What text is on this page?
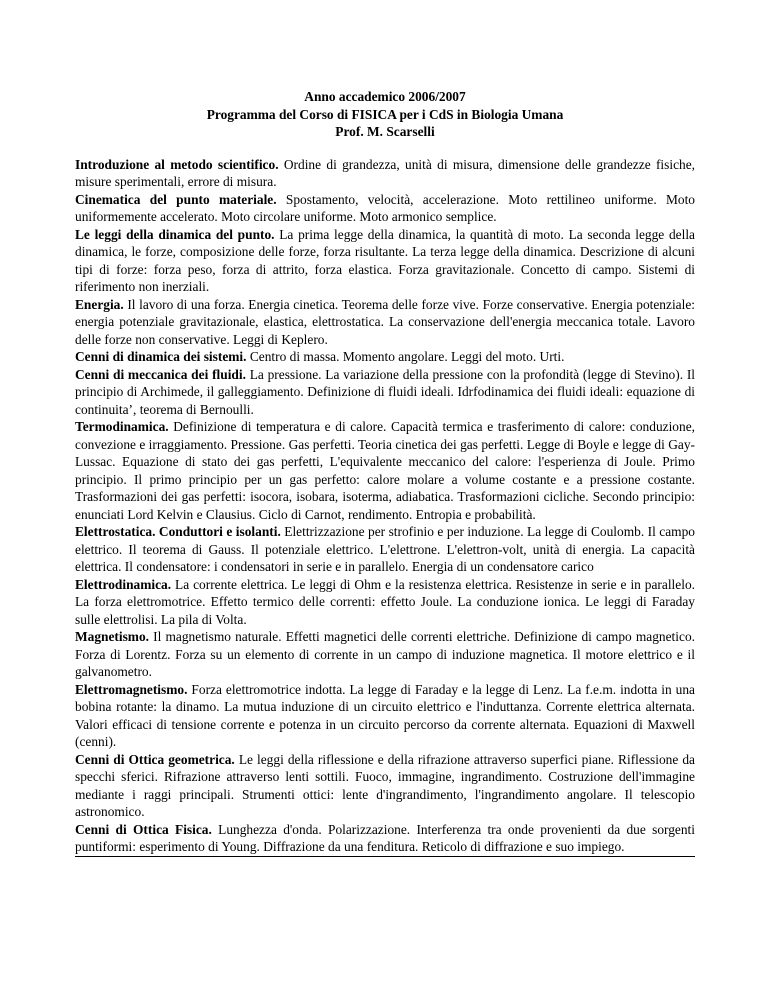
Anno accademico 2006/2007
Programma del Corso di FISICA per i CdS in Biologia Umana
Prof. M. Scarselli

Introduzione al metodo scientifico. Ordine di grandezza, unità di misura, dimensione delle grandezze fisiche, misure sperimentali, errore di misura.

Cinematica del punto materiale. Spostamento, velocità, accelerazione. Moto rettilineo uniforme. Moto uniformemente accelerato. Moto circolare uniforme. Moto armonico semplice.

Le leggi della dinamica del punto. La prima legge della dinamica, la quantità di moto. La seconda legge della dinamica, le forze, composizione delle forze, forza risultante. La terza legge della dinamica. Descrizione di alcuni tipi di forze: forza peso, forza di attrito, forza elastica. Forza gravitazionale. Concetto di campo. Sistemi di riferimento non inerziali.

Energia. Il lavoro di una forza. Energia cinetica. Teorema delle forze vive. Forze conservative. Energia potenziale: energia potenziale gravitazionale, elastica, elettrostatica. La conservazione dell'energia meccanica totale. Lavoro delle forze non conservative. Leggi di Keplero.

Cenni di dinamica dei sistemi. Centro di massa. Momento angolare. Leggi del moto. Urti.

Cenni di meccanica dei fluidi. La pressione. La variazione della pressione con la profondità (legge di Stevino). Il principio di Archimede, il galleggiamento. Definizione di fluidi ideali. Idrfodinamica dei fluidi ideali: equazione di continuita’, teorema di Bernoulli.

Termodinamica. Definizione di temperatura e di calore. Capacità termica e trasferimento di calore: conduzione, convezione e irraggiamento. Pressione. Gas perfetti. Teoria cinetica dei gas perfetti. Legge di Boyle e legge di Gay-Lussac. Equazione di stato dei gas perfetti, L'equivalente meccanico del calore: l'esperienza di Joule. Primo principio. Il primo principio per un gas perfetto: calore molare a volume costante e a pressione costante. Trasformazioni dei gas perfetti: isocora, isobara, isoterma, adiabatica. Trasformazioni cicliche. Secondo principio: enunciati Lord Kelvin e Clausius. Ciclo di Carnot, rendimento. Entropia e probabilità.

Elettrostatica. Conduttori e isolanti. Elettrizzazione per strofinio e per induzione. La legge di Coulomb. Il campo elettrico. Il teorema di Gauss. Il potenziale elettrico. L'elettrone. L'elettron-volt, unità di energia. La capacità elettrica. Il condensatore: i condensatori in serie e in parallelo. Energia di un condensatore carico

Elettrodinamica. La corrente elettrica. Le leggi di Ohm e la resistenza elettrica. Resistenze in serie e in parallelo. La forza elettromotrice. Effetto termico delle correnti: effetto Joule. La conduzione ionica. Le leggi di Faraday sulle elettrolisi. La pila di Volta.

Magnetismo. Il magnetismo naturale. Effetti magnetici delle correnti elettriche. Definizione di campo magnetico. Forza di Lorentz. Forza su un elemento di corrente in un campo di induzione magnetica. Il motore elettrico e il galvanometro.

Elettromagnetismo. Forza elettromotrice indotta. La legge di Faraday e la legge di Lenz. La f.e.m. indotta in una bobina rotante: la dinamo. La mutua induzione di un circuito elettrico e l'induttanza. Corrente elettrica alternata. Valori efficaci di tensione corrente e potenza in un circuito percorso da corrente alternata. Equazioni di Maxwell (cenni).

Cenni di Ottica geometrica. Le leggi della riflessione e della rifrazione attraverso superfici piane. Riflessione da specchi sferici. Rifrazione attraverso lenti sottili. Fuoco, immagine, ingrandimento. Costruzione dell'immagine mediante i raggi principali. Strumenti ottici: lente d'ingrandimento, l'ingrandimento angolare. Il telescopio astronomico.

Cenni di Ottica Fisica. Lunghezza d'onda. Polarizzazione. Interferenza tra onde provenienti da due sorgenti puntiformi: esperimento di Young. Diffrazione da una fenditura. Reticolo di diffrazione e suo impiego.
